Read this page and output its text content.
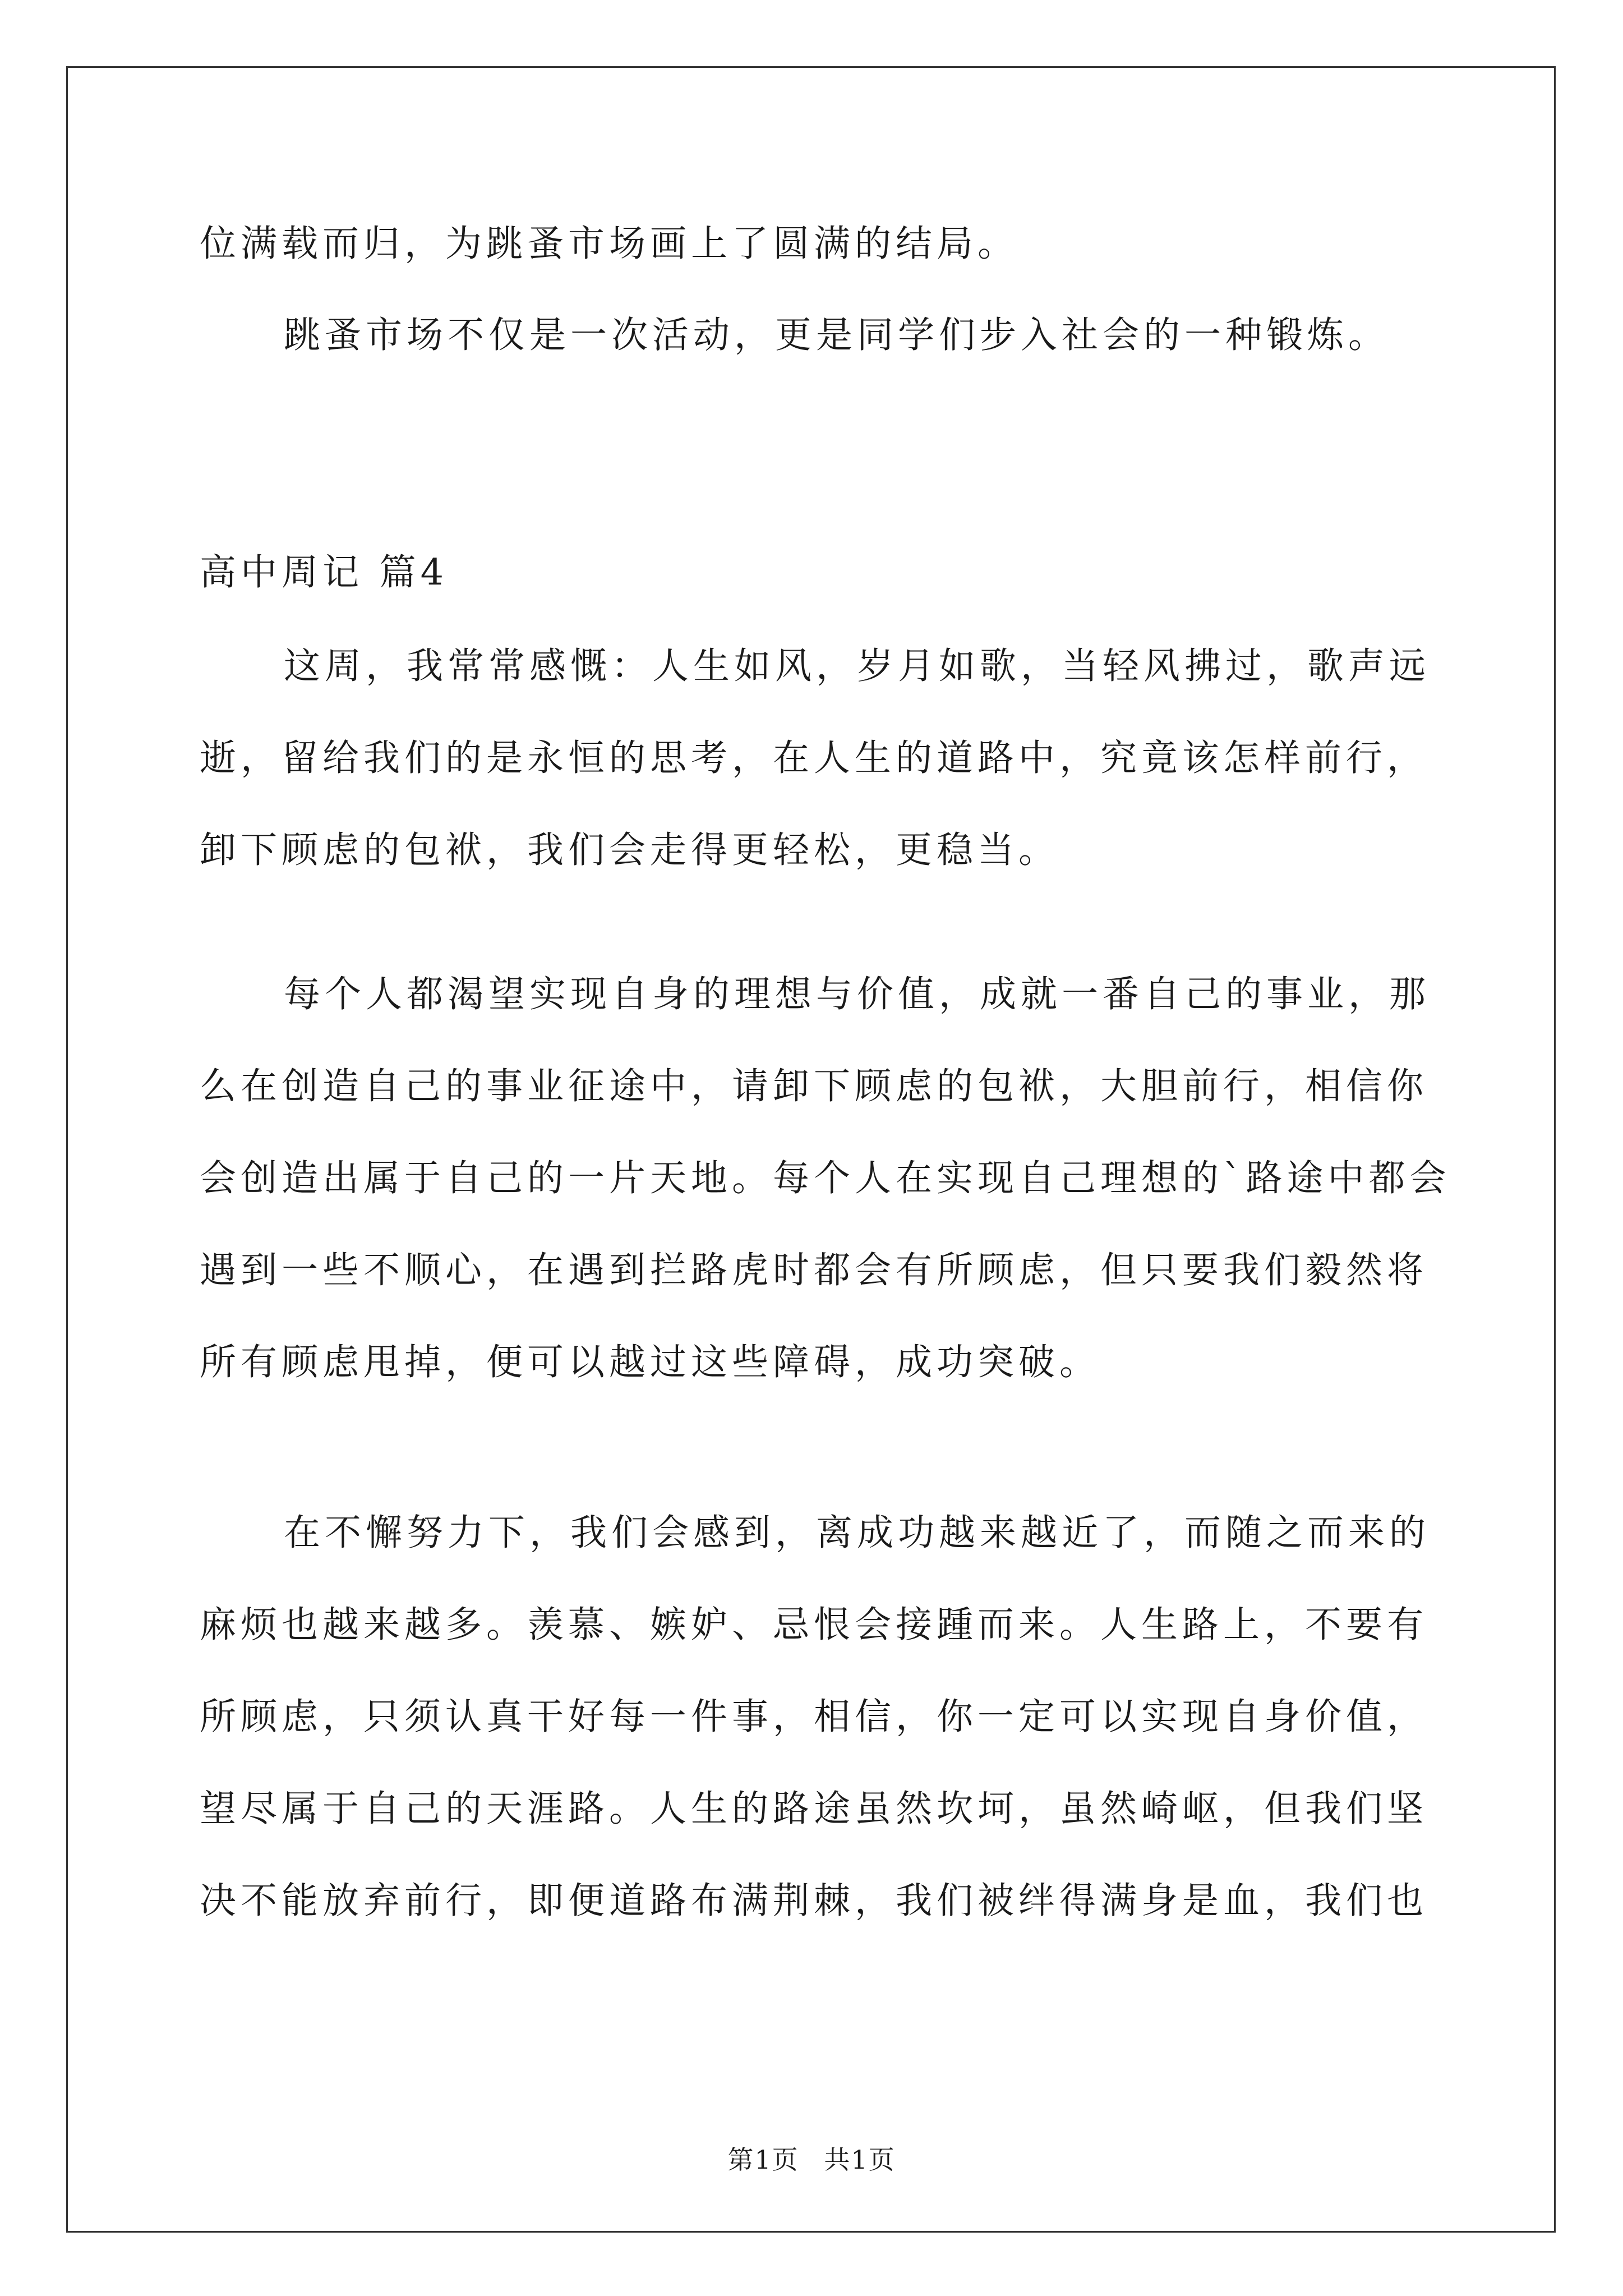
位满载而归，为跳蚤市场画上了圆满的结局。

跳蚤市场不仅是一次活动，更是同学们步入社会的一种锻炼。

高中周记 篇4

这周，我常常感慨：人生如风，岁月如歌，当轻风拂过，歌声远

逝，留给我们的是永恒的思考，在人生的道路中，究竟该怎样前行，

卸下顾虑的包袱，我们会走得更轻松，更稳当。

每个人都渴望实现自身的理想与价值，成就一番自己的事业，那

么在创造自己的事业征途中，请卸下顾虑的包袱，大胆前行，相信你

会创造出属于自己的一片天地。每个人在实现自己理想的`路途中都会

遇到一些不顺心，在遇到拦路虎时都会有所顾虑，但只要我们毅然将

所有顾虑甩掉，便可以越过这些障碍，成功突破。

在不懈努力下，我们会感到，离成功越来越近了，而随之而来的

麻烦也越来越多。羡慕、嫉妒、忌恨会接踵而来。人生路上，不要有

所顾虑，只须认真干好每一件事，相信，你一定可以实现自身价值，

望尽属于自己的天涯路。人生的路途虽然坎坷，虽然崎岖，但我们坚

决不能放弃前行，即便道路布满荆棘，我们被绊得满身是血，我们也

第1页 共1页
